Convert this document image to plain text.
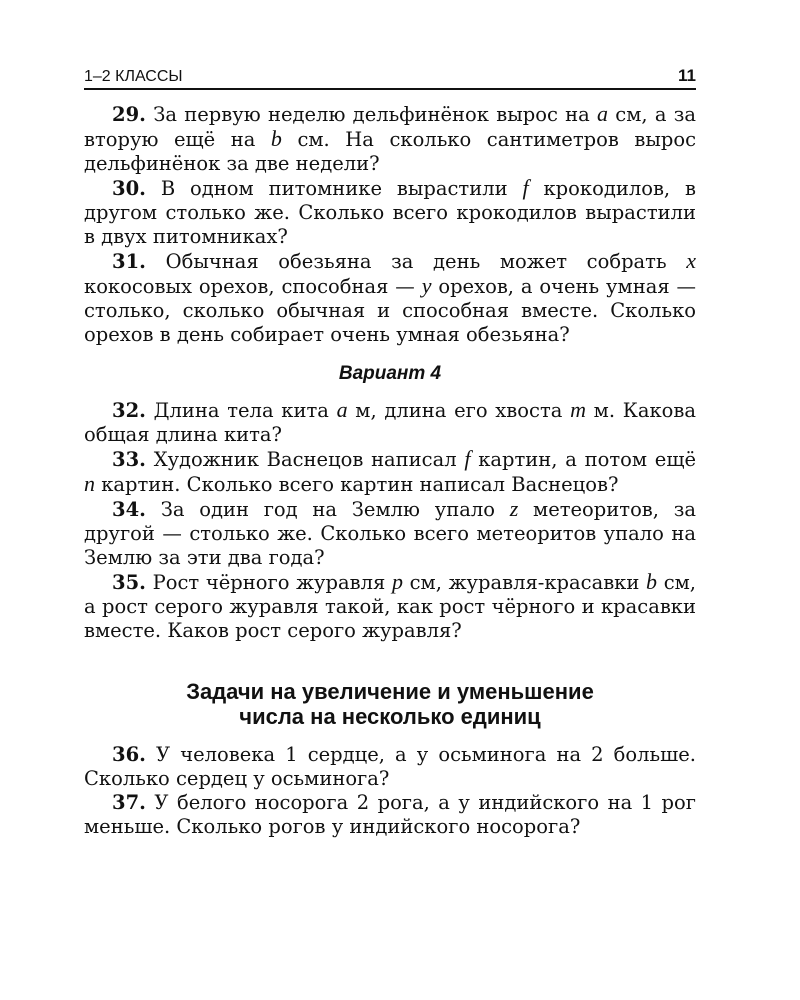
1–2 КЛАССЫ	11

29. За первую неделю дельфинёнок вырос на a см, а за вторую ещё на b см. На сколько сантиметров вырос дельфинёнок за две недели?

30. В одном питомнике вырастили f крокодилов, в другом столько же. Сколько всего крокодилов вырастили в двух питомниках?

31. Обычная обезьяна за день может собрать x кокосовых орехов, способная — y орехов, а очень умная — столько, сколько обычная и способная вместе. Сколько орехов в день собирает очень умная обезьяна?

Вариант 4

32. Длина тела кита a м, длина его хвоста m м. Какова общая длина кита?

33. Художник Васнецов написал f картин, а потом ещё n картин. Сколько всего картин написал Васнецов?

34. За один год на Землю упало z метеоритов, за другой — столько же. Сколько всего метеоритов упало на Землю за эти два года?

35. Рост чёрного журавля p см, журавля-красавки b см, а рост серого журавля такой, как рост чёрного и красавки вместе. Каков рост серого журавля?

Задачи на увеличение и уменьшение
числа на несколько единиц

36. У человека 1 сердце, а у осьминога на 2 больше. Сколько сердец у осьминога?

37. У белого носорога 2 рога, а у индийского на 1 рог меньше. Сколько рогов у индийского носорога?
